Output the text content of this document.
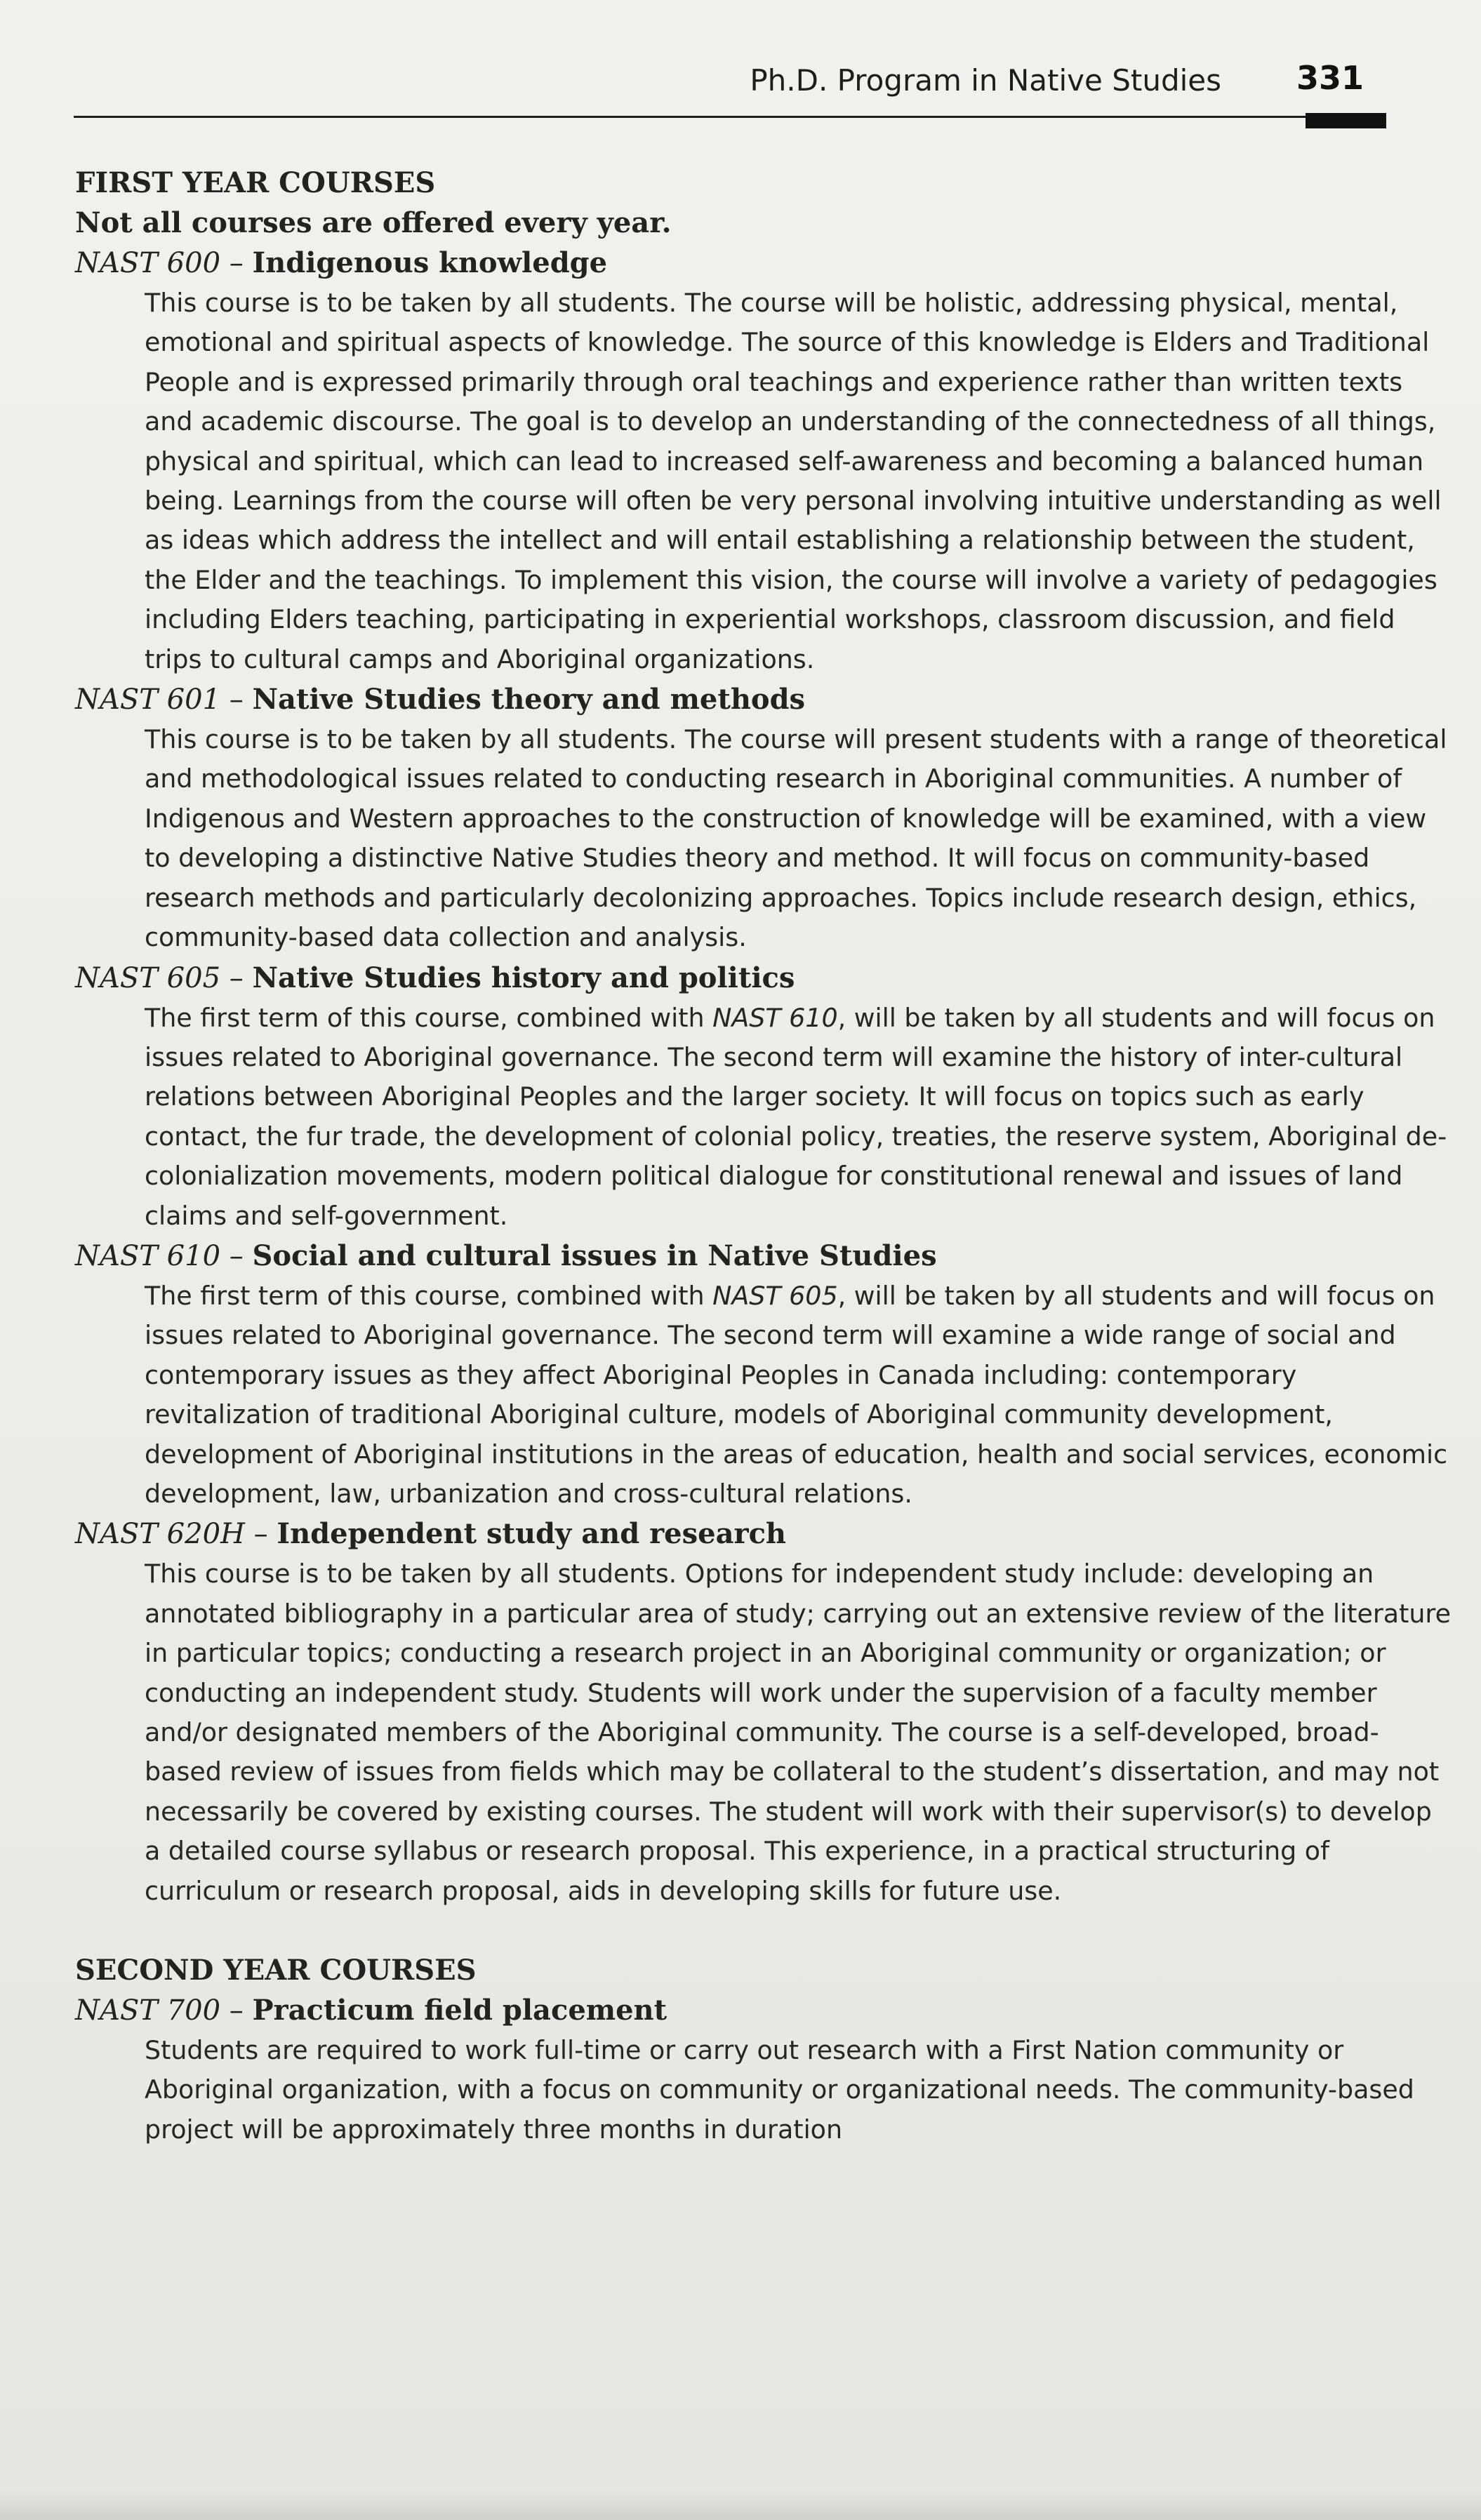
Ph.D. Program in Native Studies 331

FIRST YEAR COURSES

Not all courses are offered every year.

NAST 600 – Indigenous knowledge

This course is to be taken by all students. The course will be holistic, addressing physical, mental, emotional and spiritual aspects of knowledge. The source of this knowledge is Elders and Traditional People and is expressed primarily through oral teachings and experience rather than written texts and academic discourse. The goal is to develop an understanding of the connectedness of all things, physical and spiritual, which can lead to increased self-awareness and becoming a balanced human being. Learnings from the course will often be very personal involving intuitive understanding as well as ideas which address the intellect and will entail establishing a relationship between the student, the Elder and the teachings. To implement this vision, the course will involve a variety of pedagogies including Elders teaching, participating in experiential workshops, classroom discussion, and field trips to cultural camps and Aboriginal organizations.

NAST 601 – Native Studies theory and methods

This course is to be taken by all students. The course will present students with a range of theoretical and methodological issues related to conducting research in Aboriginal communities. A number of Indigenous and Western approaches to the construction of knowledge will be examined, with a view to developing a distinctive Native Studies theory and method. It will focus on community-based research methods and particularly decolonizing approaches. Topics include research design, ethics, community-based data collection and analysis.

NAST 605 – Native Studies history and politics

The first term of this course, combined with NAST 610, will be taken by all students and will focus on issues related to Aboriginal governance. The second term will examine the history of inter-cultural relations between Aboriginal Peoples and the larger society. It will focus on topics such as early contact, the fur trade, the development of colonial policy, treaties, the reserve system, Aboriginal de-colonialization movements, modern political dialogue for constitutional renewal and issues of land claims and self-government.

NAST 610 – Social and cultural issues in Native Studies

The first term of this course, combined with NAST 605, will be taken by all students and will focus on issues related to Aboriginal governance. The second term will examine a wide range of social and contemporary issues as they affect Aboriginal Peoples in Canada including: contemporary revitalization of traditional Aboriginal culture, models of Aboriginal community development, development of Aboriginal institutions in the areas of education, health and social services, economic development, law, urbanization and cross-cultural relations.

NAST 620H – Independent study and research

This course is to be taken by all students. Options for independent study include: developing an annotated bibliography in a particular area of study; carrying out an extensive review of the literature in particular topics; conducting a research project in an Aboriginal community or organization; or conducting an independent study. Students will work under the supervision of a faculty member and/or designated members of the Aboriginal community. The course is a self-developed, broad-based review of issues from fields which may be collateral to the student’s dissertation, and may not necessarily be covered by existing courses. The student will work with their supervisor(s) to develop a detailed course syllabus or research proposal. This experience, in a practical structuring of curriculum or research proposal, aids in developing skills for future use.

SECOND YEAR COURSES

NAST 700 – Practicum field placement

Students are required to work full-time or carry out research with a First Nation community or Aboriginal organization, with a focus on community or organizational needs. The community-based project will be approximately three months in duration
